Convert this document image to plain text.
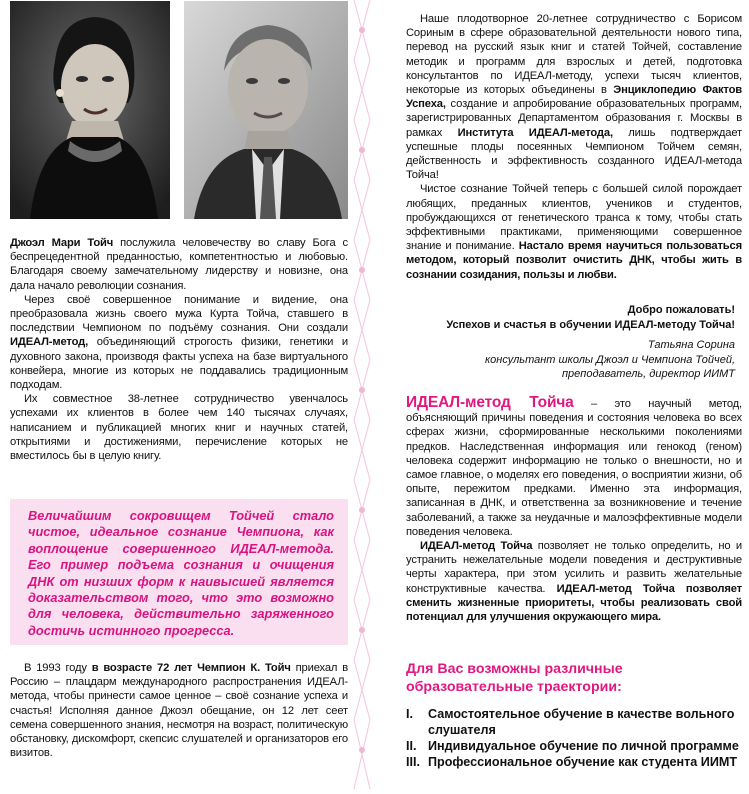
Джоэл Мари Тойч послужила человечеству во славу Бога с беспрецедентной преданностью, компетентностью и любовью. Благодаря своему замечательному лидерству и новизне, она дала начало революции сознания.

Через своё совершенное понимание и видение, она преобразовала жизнь своего мужа Курта Тойча, ставшего в последствии Чемпионом по подъёму сознания. Они создали ИДЕАЛ-метод, объединяющий строгость физики, генетики и духовного закона, производя факты успеха на базе виртуального конвейера, многие из которых не поддавались традиционным подходам.

Их совместное 38-летнее сотрудничество увенчалось успехами их клиентов в более чем 140 тысячах случаях, написанием и публикацией многих книг и научных статей, открытиями и достижениями, перечисление которых не вместилось бы в целую книгу.

Величайшим сокровищем Тойчей стало чистое, идеальное сознание Чемпиона, как воплощение совершенного ИДЕАЛ-метода. Его пример подъема сознания и очищения ДНК от низших форм к наивысшей является доказательством того, что это возможно для человека, действительно заряженного достичь истинного прогресса.

В 1993 году в возрасте 72 лет Чемпион К. Тойч приехал в Россию – плацдарм международного распространения ИДЕАЛ-метода, чтобы принести самое ценное – своё сознание успеха и счастья! Исполняя данное Джоэл обещание, он 12 лет сеет семена совершенного знания, несмотря на возраст, политическую обстановку, дискомфорт, скепсис слушателей и организаторов его визитов.

Наше плодотворное 20-летнее сотрудничество с Борисом Сориным в сфере образовательной деятельности нового типа, перевод на русский язык книг и статей Тойчей, составление методик и программ для взрослых и детей, подготовка консультантов по ИДЕАЛ-методу, успехи тысяч клиентов, некоторые из которых объединены в Энциклопедию Фактов Успеха, создание и апробирование образовательных программ, зарегистрированных Департаментом образования г. Москвы в рамках Института ИДЕАЛ-метода, лишь подтверждает успешные плоды посеянных Чемпионом Тойчем семян, действенность и эффективность созданного ИДЕАЛ-метода Тойча!

Чистое сознание Тойчей теперь с большей силой порождает любящих, преданных клиентов, учеников и студентов, пробуждающихся от генетического транса к тому, чтобы стать эффективными практиками, применяющими совершенное знание и понимание. Настало время научиться пользоваться методом, который позволит очистить ДНК, чтобы жить в сознании созидания, пользы и любви.

Добро пожаловать!

Успехов и счастья в обучении ИДЕАЛ-методу Тойча!

Татьяна Сорина

консультант школы Джоэл и Чемпиона Тойчей,

преподаватель, директор ИИМТ

ИДЕАЛ-метод Тойча – это научный метод, объясняющий причины поведения и состояния человека во всех сферах жизни, сформированные несколькими поколениями предков. Наследственная информация или генокод (геном) человека содержит информацию не только о внешности, но и самое главное, о моделях его поведения, о восприятии жизни, об опыте, пережитом предками. Именно эта информация, записанная в ДНК, и ответственна за возникновение и течение заболеваний, а также за неудачные и малоэффективные модели поведения человека.

ИДЕАЛ-метод Тойча позволяет не только определить, но и устранить нежелательные модели поведения и деструктивные черты характера, при этом усилить и развить желательные конструктивные качества. ИДЕАЛ-метод Тойча позволяет сменить жизненные приоритеты, чтобы реализовать свой потенциал для улучшения окружающего мира.

Для Вас возможны различные образовательные траектории:
I. Самостоятельное обучение в качестве вольного слушателя
II. Индивидуальное обучение по личной программе
III. Профессиональное обучение как студента ИИМТ
